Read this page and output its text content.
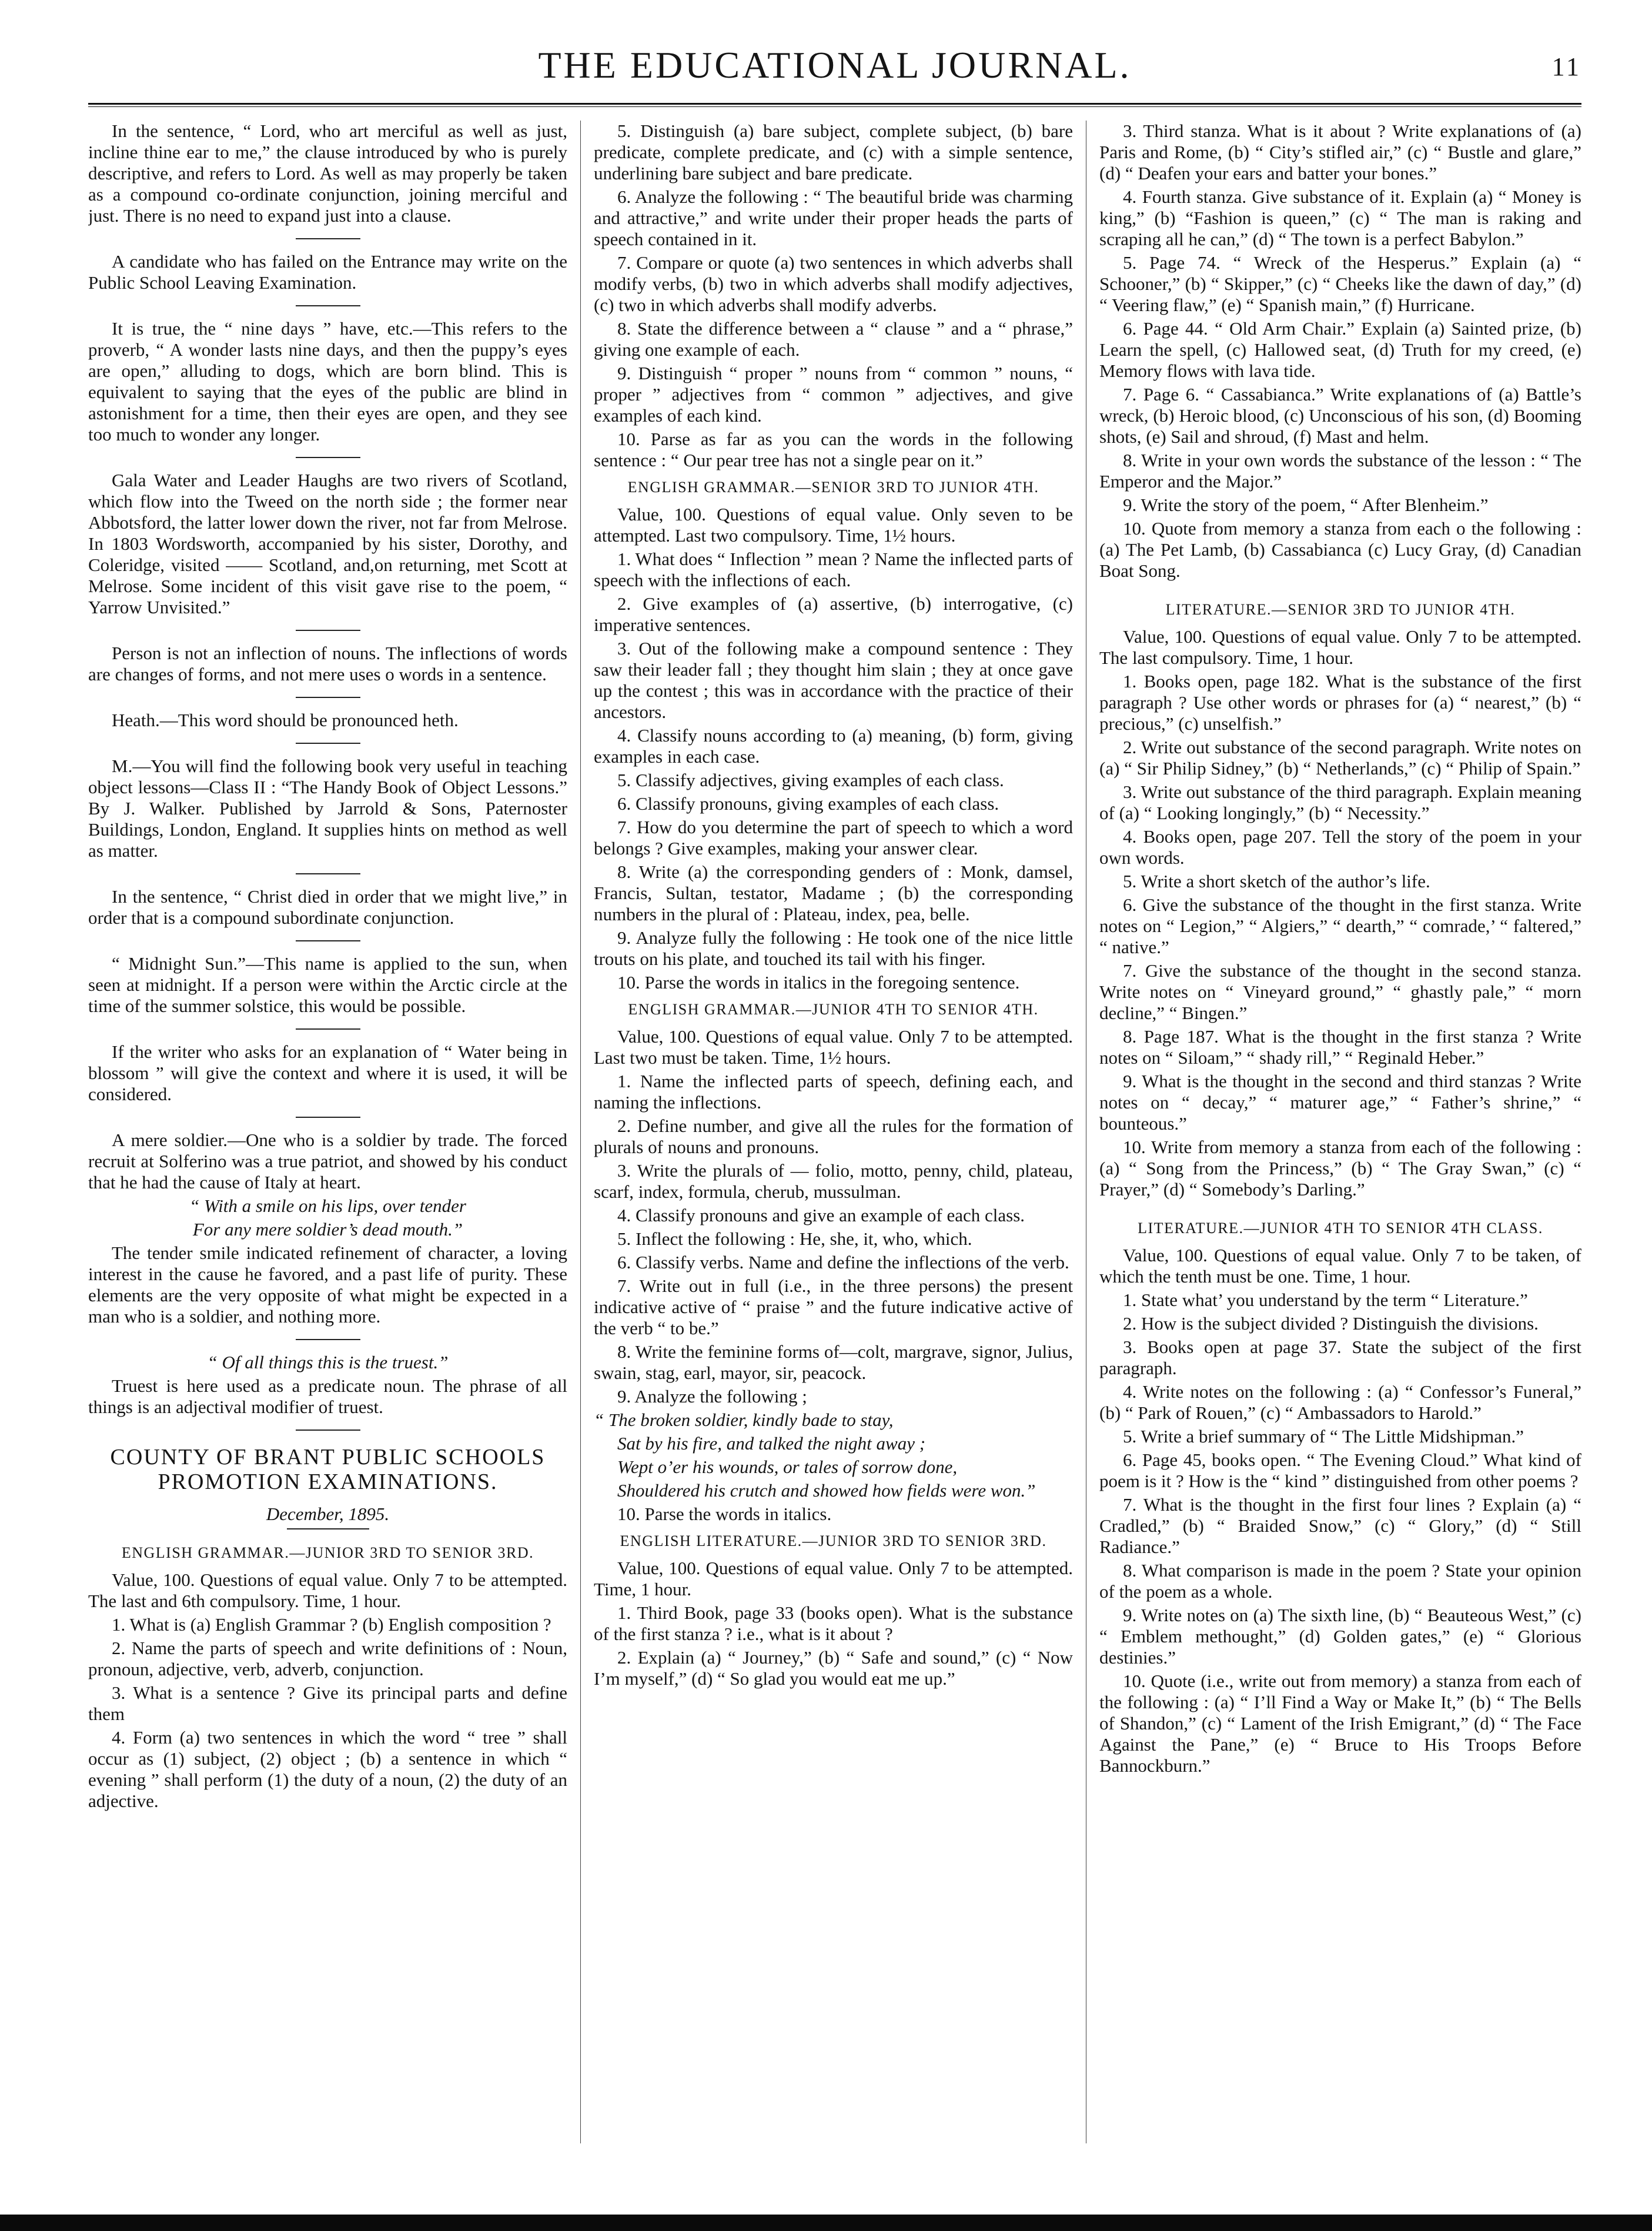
THE EDUCATIONAL JOURNAL.	11

In the sentence, “ Lord, who art merciful as well as just, incline thine ear to me,” the clause introduced by who is purely descriptive, and refers to Lord. As well as may properly be taken as a compound co-ordinate conjunction, joining merciful and just. There is no need to expand just into a clause.

A candidate who has failed on the Entrance may write on the Public School Leaving Examination.

It is true, the “ nine days ” have, etc.—This refers to the proverb, “ A wonder lasts nine days, and then the puppy’s eyes are open,” alluding to dogs, which are born blind. This is equivalent to saying that the eyes of the public are blind in astonishment for a time, then their eyes are open, and they see too much to wonder any longer.

Gala Water and Leader Haughs are two rivers of Scotland, which flow into the Tweed on the north side ; the former near Abbotsford, the latter lower down the river, not far from Melrose. In 1803 Wordsworth, accompanied by his sister, Dorothy, and Coleridge, visited —— Scotland, and,on returning, met Scott at Melrose. Some incident of this visit gave rise to the poem, “ Yarrow Unvisited.”

Person is not an inflection of nouns. The inflections of words are changes of forms, and not mere uses o words in a sentence.

Heath.—This word should be pronounced heth.

M.—You will find the following book very useful in teaching object lessons—Class II : “The Handy Book of Object Lessons.” By J. Walker. Published by Jarrold & Sons, Paternoster Buildings, London, England. It supplies hints on method as well as matter.

In the sentence, “ Christ died in order that we might live,” in order that is a compound subordinate conjunction.

“ Midnight Sun.”—This name is applied to the sun, when seen at midnight. If a person were within the Arctic circle at the time of the summer solstice, this would be possible.

If the writer who asks for an explanation of “ Water being in blossom ” will give the context and where it is used, it will be considered.

A mere soldier.—One who is a soldier by trade. The forced recruit at Solferino was a true patriot, and showed by his conduct that he had the cause of Italy at heart.

“ With a smile on his lips, over tender

For any mere soldier’s dead mouth.”

The tender smile indicated refinement of character, a loving interest in the cause he favored, and a past life of purity. These elements are the very opposite of what might be expected in a man who is a soldier, and nothing more.

“ Of all things this is the truest.”

Truest is here used as a predicate noun. The phrase of all things is an adjectival modifier of truest.

COUNTY OF BRANT PUBLIC SCHOOLS PROMOTION EXAMINATIONS.
December, 1895.
ENGLISH GRAMMAR.—JUNIOR 3RD TO SENIOR 3RD.

Value, 100. Questions of equal value. Only 7 to be attempted. The last and 6th compulsory. Time, 1 hour.

1. What is (a) English Grammar ? (b) English composition ?

2. Name the parts of speech and write definitions of : Noun, pronoun, adjective, verb, adverb, conjunction.

3. What is a sentence ? Give its principal parts and define them

4. Form (a) two sentences in which the word “ tree ” shall occur as (1) subject, (2) object ; (b) a sentence in which “ evening ” shall perform (1) the duty of a noun, (2) the duty of an adjective.

5. Distinguish (a) bare subject, complete subject, (b) bare predicate, complete predicate, and (c) with a simple sentence, underlining bare subject and bare predicate.

6. Analyze the following : “ The beautiful bride was charming and attractive,” and write under their proper heads the parts of speech contained in it.

7. Compare or quote (a) two sentences in which adverbs shall modify verbs, (b) two in which adverbs shall modify adjectives, (c) two in which adverbs shall modify adverbs.

8. State the difference between a “ clause ” and a “ phrase,” giving one example of each.

9. Distinguish “ proper ” nouns from “ common ” nouns, “ proper ” adjectives from “ common ” adjectives, and give examples of each kind.

10. Parse as far as you can the words in the following sentence : “ Our pear tree has not a single pear on it.”

ENGLISH GRAMMAR.—SENIOR 3RD TO JUNIOR 4TH.

Value, 100. Questions of equal value. Only seven to be attempted. Last two compulsory. Time, 1½ hours.

1. What does “ Inflection ” mean ? Name the inflected parts of speech with the inflections of each.

2. Give examples of (a) assertive, (b) interrogative, (c) imperative sentences.

3. Out of the following make a compound sentence : They saw their leader fall ; they thought him slain ; they at once gave up the contest ; this was in accordance with the practice of their ancestors.

4. Classify nouns according to (a) meaning, (b) form, giving examples in each case.

5. Classify adjectives, giving examples of each class.

6. Classify pronouns, giving examples of each class.

7. How do you determine the part of speech to which a word belongs ? Give examples, making your answer clear.

8. Write (a) the corresponding genders of : Monk, damsel, Francis, Sultan, testator, Madame ; (b) the corresponding numbers in the plural of : Plateau, index, pea, belle.

9. Analyze fully the following : He took one of the nice little trouts on his plate, and touched its tail with his finger.

10. Parse the words in italics in the foregoing sentence.

ENGLISH GRAMMAR.—JUNIOR 4TH TO SENIOR 4TH.

Value, 100. Questions of equal value. Only 7 to be attempted. Last two must be taken. Time, 1½ hours.

1. Name the inflected parts of speech, defining each, and naming the inflections.

2. Define number, and give all the rules for the formation of plurals of nouns and pronouns.

3. Write the plurals of — folio, motto, penny, child, plateau, scarf, index, formula, cherub, mussulman.

4. Classify pronouns and give an example of each class.

5. Inflect the following : He, she, it, who, which.

6. Classify verbs. Name and define the inflections of the verb.

7. Write out in full (i.e., in the three persons) the present indicative active of “ praise ” and the future indicative active of the verb “ to be.”

8. Write the feminine forms of—colt, margrave, signor, Julius, swain, stag, earl, mayor, sir, peacock.

9. Analyze the following ;

“ The broken soldier, kindly bade to stay,

Sat by his fire, and talked the night away ;

Wept o’er his wounds, or tales of sorrow done,

Shouldered his crutch and showed how fields were won.”

10. Parse the words in italics.

ENGLISH LITERATURE.—JUNIOR 3RD TO SENIOR 3RD.

Value, 100. Questions of equal value. Only 7 to be attempted. Time, 1 hour.

1. Third Book, page 33 (books open). What is the substance of the first stanza ? i.e., what is it about ?

2. Explain (a) “ Journey,” (b) “ Safe and sound,” (c) “ Now I’m myself,” (d) “ So glad you would eat me up.”

3. Third stanza. What is it about ? Write explanations of (a) Paris and Rome, (b) “ City’s stifled air,” (c) “ Bustle and glare,” (d) “ Deafen your ears and batter your bones.”

4. Fourth stanza. Give substance of it. Explain (a) “ Money is king,” (b) “Fashion is queen,” (c) “ The man is raking and scraping all he can,” (d) “ The town is a perfect Babylon.”

5. Page 74. “ Wreck of the Hesperus.” Explain (a) “ Schooner,” (b) “ Skipper,” (c) “ Cheeks like the dawn of day,” (d) “ Veering flaw,” (e) “ Spanish main,” (f) Hurricane.

6. Page 44. “ Old Arm Chair.” Explain (a) Sainted prize, (b) Learn the spell, (c) Hallowed seat, (d) Truth for my creed, (e) Memory flows with lava tide.

7. Page 6. “ Cassabianca.” Write explanations of (a) Battle’s wreck, (b) Heroic blood, (c) Unconscious of his son, (d) Booming shots, (e) Sail and shroud, (f) Mast and helm.

8. Write in your own words the substance of the lesson : “ The Emperor and the Major.”

9. Write the story of the poem, “ After Blenheim.”

10. Quote from memory a stanza from each o the following : (a) The Pet Lamb, (b) Cassabianca (c) Lucy Gray, (d) Canadian Boat Song.

LITERATURE.—SENIOR 3RD TO JUNIOR 4TH.

Value, 100. Questions of equal value. Only 7 to be attempted. The last compulsory. Time, 1 hour.

1. Books open, page 182. What is the substance of the first paragraph ? Use other words or phrases for (a) “ nearest,” (b) “ precious,” (c) unselfish.”

2. Write out substance of the second paragraph. Write notes on (a) “ Sir Philip Sidney,” (b) “ Netherlands,” (c) “ Philip of Spain.”

3. Write out substance of the third paragraph. Explain meaning of (a) “ Looking longingly,” (b) “ Necessity.”

4. Books open, page 207. Tell the story of the poem in your own words.

5. Write a short sketch of the author’s life.

6. Give the substance of the thought in the first stanza. Write notes on “ Legion,” “ Algiers,” “ dearth,” “ comrade,’ “ faltered,” “ native.”

7. Give the substance of the thought in the second stanza. Write notes on “ Vineyard ground,” “ ghastly pale,” “ morn decline,” “ Bingen.”

8. Page 187. What is the thought in the first stanza ? Write notes on “ Siloam,” “ shady rill,” “ Reginald Heber.”

9. What is the thought in the second and third stanzas ? Write notes on “ decay,” “ maturer age,” “ Father’s shrine,” “ bounteous.”

10. Write from memory a stanza from each of the following : (a) “ Song from the Princess,” (b) “ The Gray Swan,” (c) “ Prayer,” (d) “ Somebody’s Darling.”

LITERATURE.—JUNIOR 4TH TO SENIOR 4TH CLASS.

Value, 100. Questions of equal value. Only 7 to be taken, of which the tenth must be one. Time, 1 hour.

1. State what’ you understand by the term “ Literature.”

2. How is the subject divided ? Distinguish the divisions.

3. Books open at page 37. State the subject of the first paragraph.

4. Write notes on the following : (a) “ Confessor’s Funeral,” (b) “ Park of Rouen,” (c) “ Ambassadors to Harold.”

5. Write a brief summary of “ The Little Midshipman.”

6. Page 45, books open. “ The Evening Cloud.” What kind of poem is it ? How is the “ kind ” distinguished from other poems ?

7. What is the thought in the first four lines ? Explain (a) “ Cradled,” (b) “ Braided Snow,” (c) “ Glory,” (d) “ Still Radiance.”

8. What comparison is made in the poem ? State your opinion of the poem as a whole.

9. Write notes on (a) The sixth line, (b) “ Beauteous West,” (c) “ Emblem methought,” (d) Golden gates,” (e) “ Glorious destinies.”

10. Quote (i.e., write out from memory) a stanza from each of the following : (a) “ I’ll Find a Way or Make It,” (b) “ The Bells of Shandon,” (c) “ Lament of the Irish Emigrant,” (d) “ The Face Against the Pane,” (e) “ Bruce to His Troops Before Bannockburn.”
